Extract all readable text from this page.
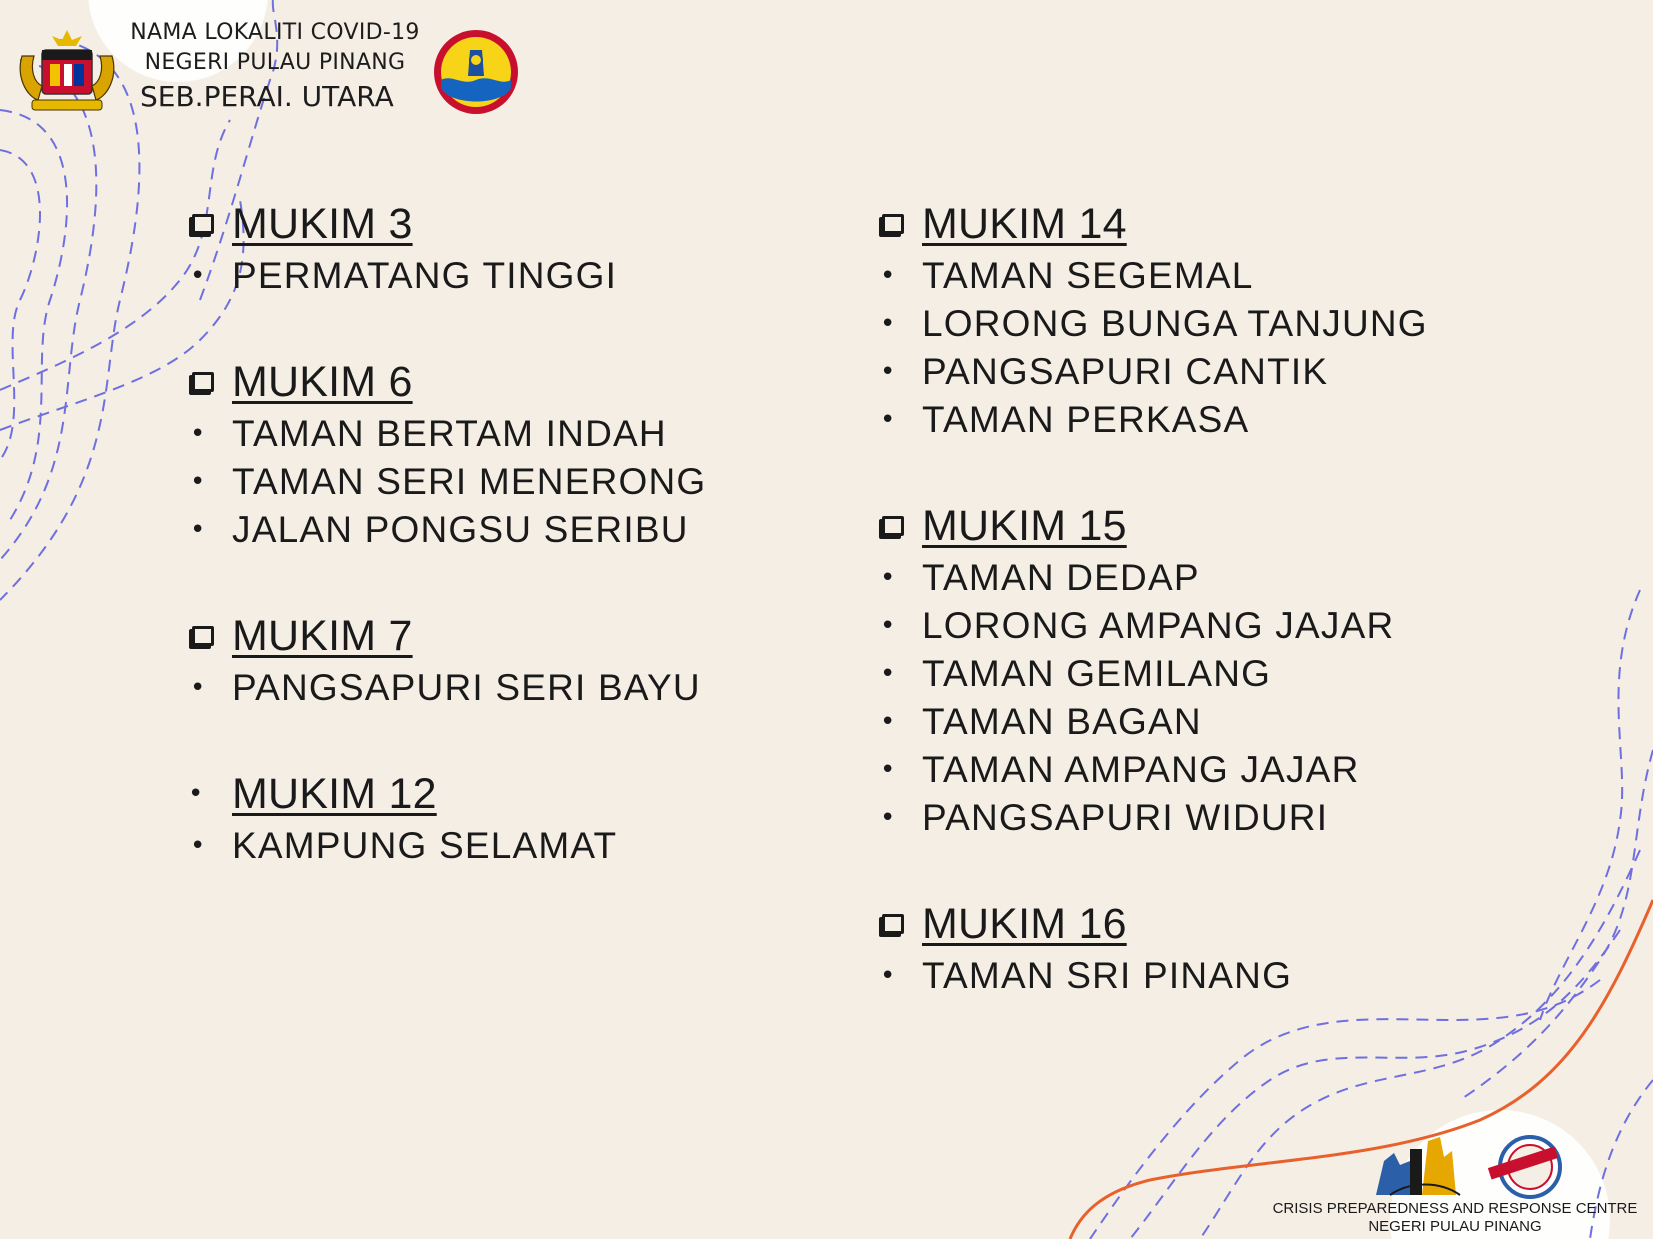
NAMA LOKALITI COVID-19
NEGERI PULAU PINANG
SEB.PERAI. UTARA
MUKIM 3
• PERMATANG TINGGI
MUKIM 6
• TAMAN BERTAM INDAH
• TAMAN SERI MENERONG
• JALAN PONGSU SERIBU
MUKIM 7
• PANGSAPURI SERI BAYU
• MUKIM 12
• KAMPUNG SELAMAT
MUKIM 14
• TAMAN SEGEMAL
• LORONG BUNGA TANJUNG
• PANGSAPURI CANTIK
• TAMAN PERKASA
MUKIM 15
• TAMAN DEDAP
• LORONG AMPANG JAJAR
• TAMAN GEMILANG
• TAMAN BAGAN
• TAMAN AMPANG JAJAR
• PANGSAPURI WIDURI
MUKIM 16
• TAMAN SRI PINANG
CRISIS PREPAREDNESS AND RESPONSE CENTRE
NEGERI PULAU PINANG
